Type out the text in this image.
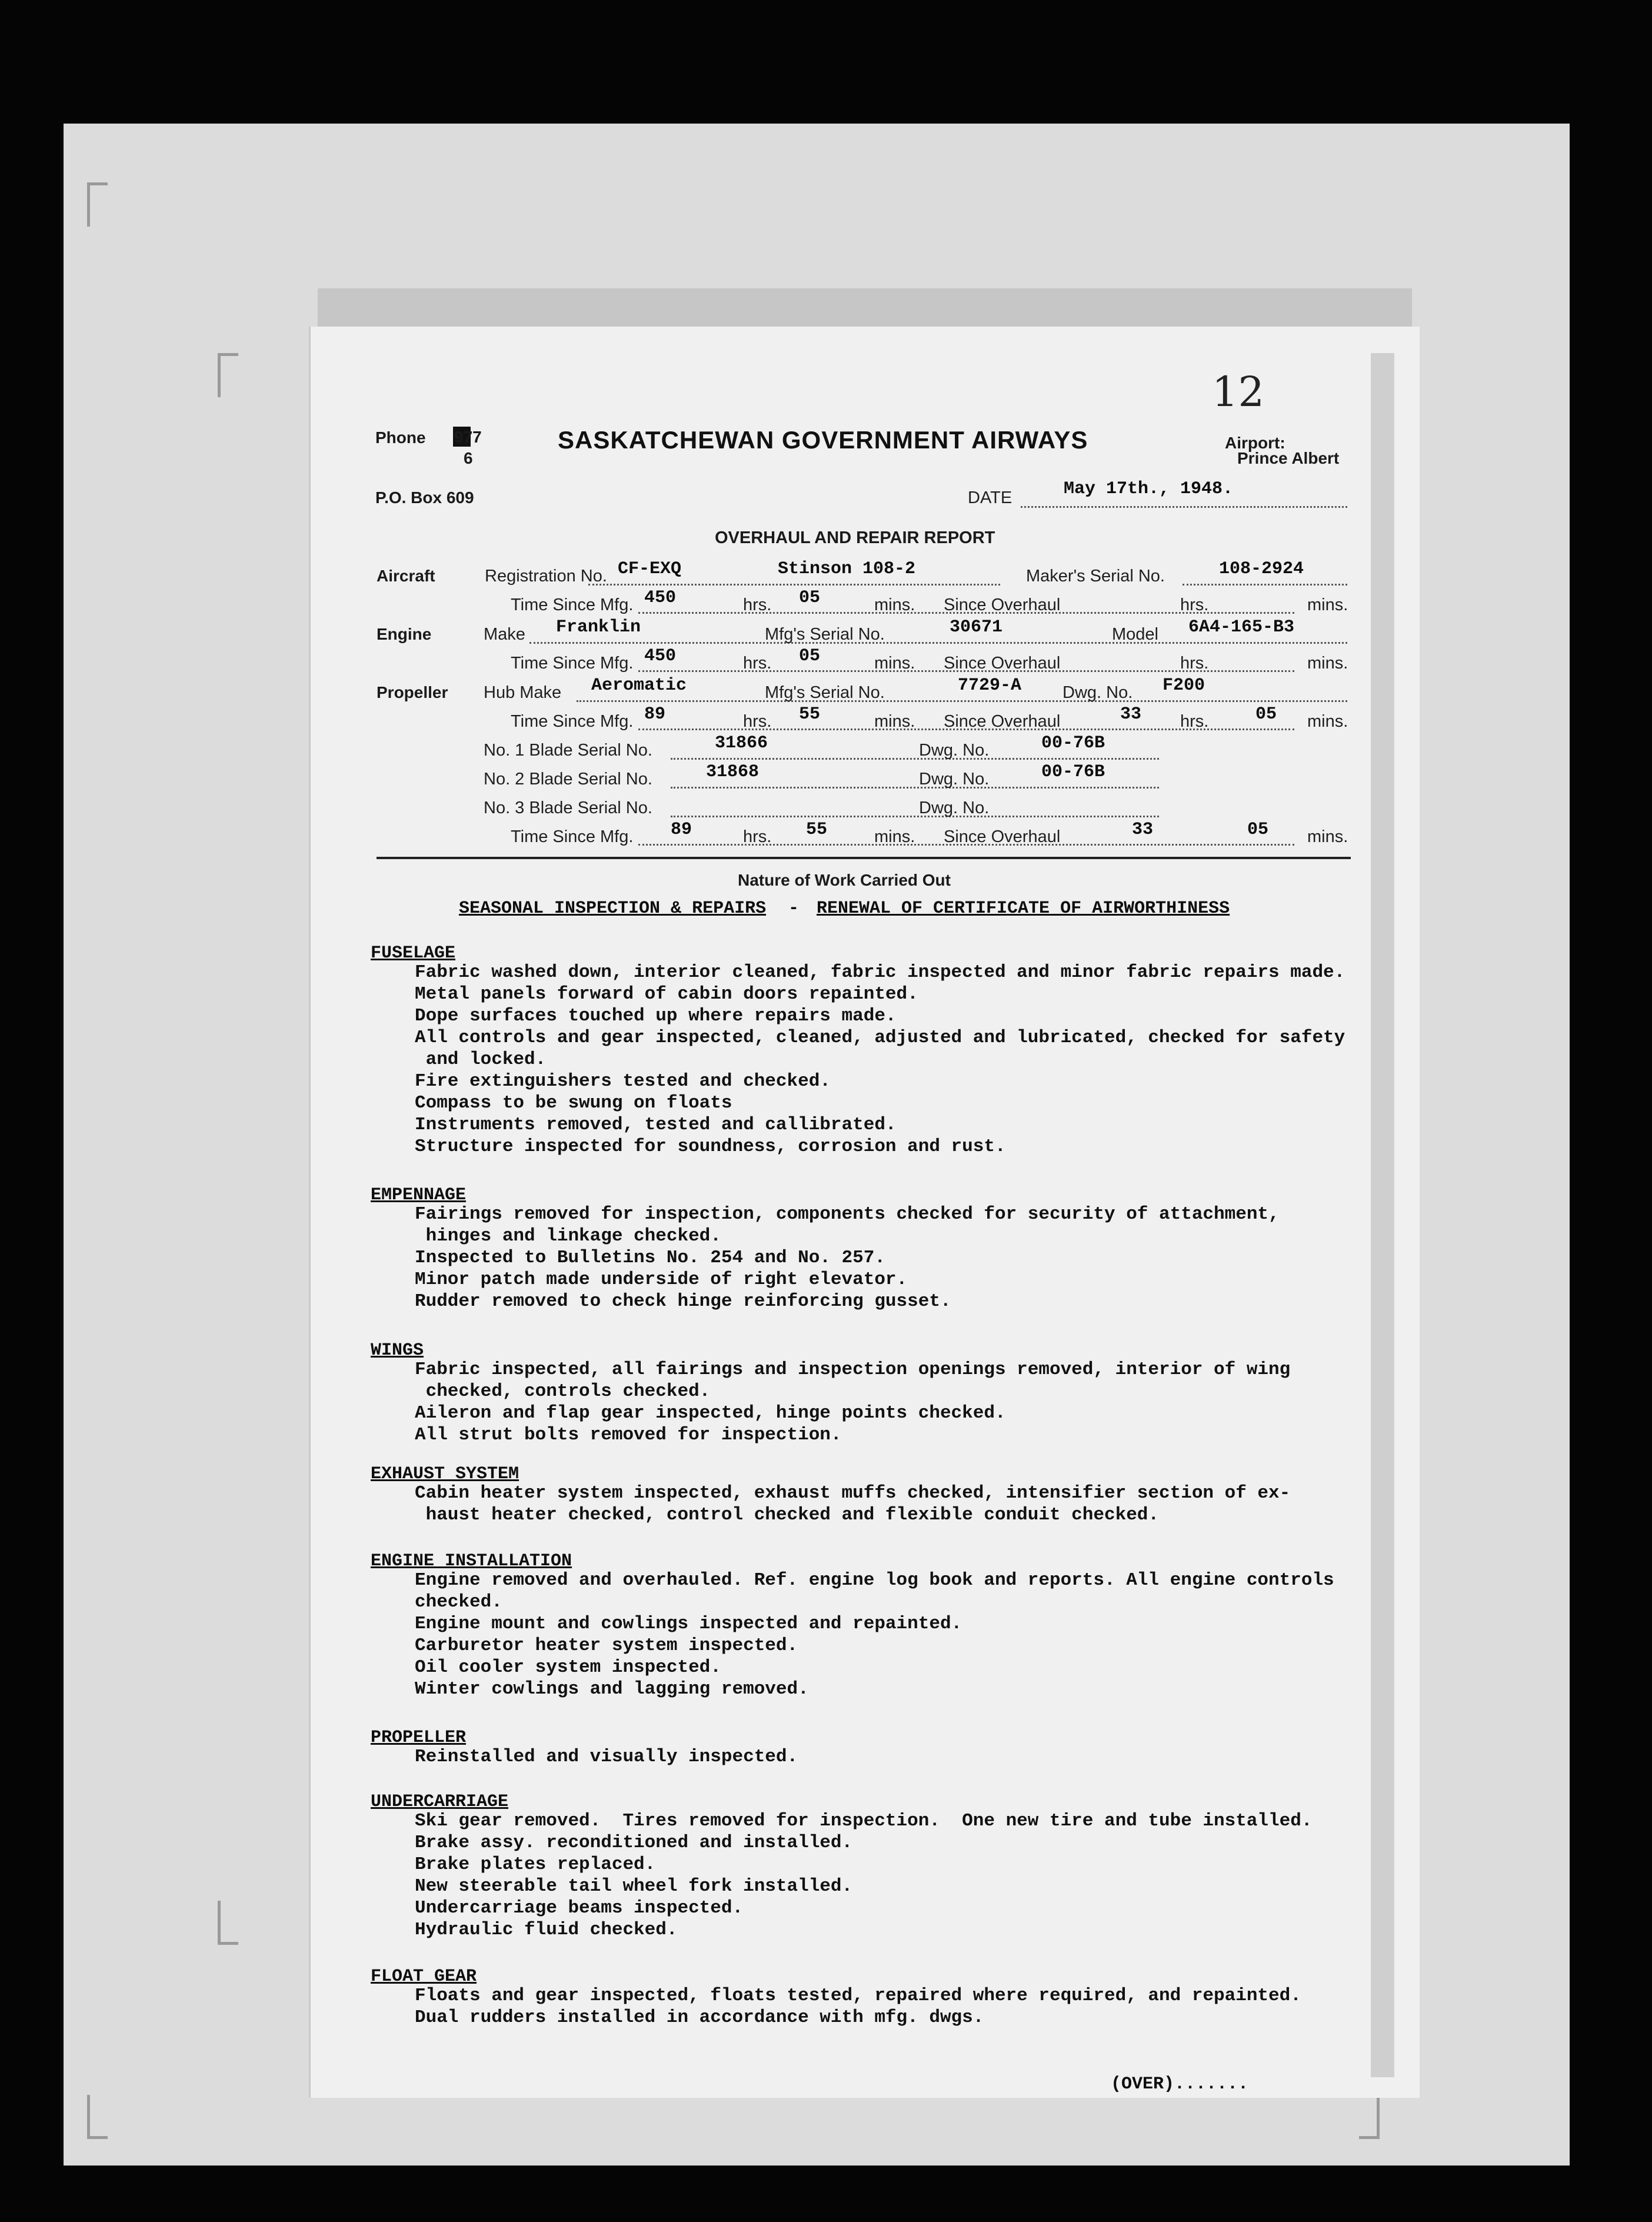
12
Phone 977
6
P.O. Box 609
SASKATCHEWAN GOVERNMENT AIRWAYS	Airport:
Prince Albert
DATE	May 17th., 1948.
OVERHAUL AND REPAIR REPORT
Aircraft	Registration No. CF-EXQ	Stinson 108-2	Maker's Serial No.	108-2924
Time Since Mfg. 450	hrs. 05	mins. Since Overhaul	hrs.	mins.
Engine	Make Franklin	Mfg's Serial No.	30671	Model 6A4-165-B3
Time Since Mfg. 450	hrs. 05	mins. Since Overhaul	hrs.	mins.
Propeller Hub Make Aeromatic	Mfg's Serial No.	7729-A Dwg. No. F200
Time Since Mfg. 89	hrs. 55	mins. Since Overhaul	33 hrs.	05 mins.
No. 1 Blade Serial No.	31866	Dwg. No.	00-76B
No. 2 Blade Serial No.	31868	Dwg. No.	00-76B
No. 3 Blade Serial No.	Dwg. No.
Time Since Mfg. 89	hrs. 55	mins. Since Overhaul	33	05 mins.
Nature of Work Carried Out
SEASONAL INSPECTION & REPAIRS - RENEWAL OF CERTIFICATE OF AIRWORTHINESS
FUSELAGE
Fabric washed down, interior cleaned, fabric inspected and minor fabric repairs made.
Metal panels forward of cabin doors repainted.
Dope surfaces touched up where repairs made.
All controls and gear inspected, cleaned, adjusted and lubricated, checked for safety
and locked.
Fire extinguishers tested and checked.
Compass to be swung on floats
Instruments removed, tested and callibrated.
Structure inspected for soundness, corrosion and rust.
EMPENNAGE
Fairings removed for inspection, components checked for security of attachment,
hinges and linkage checked.
Inspected to Bulletins No. 254 and No. 257.
Minor patch made underside of right elevator.
Rudder removed to check hinge reinforcing gusset.
WINGS
Fabric inspected, all fairings and inspection openings removed, interior of wing
checked, controls checked.
Aileron and flap gear inspected, hinge points checked.
All strut bolts removed for inspection.
EXHAUST SYSTEM
Cabin heater system inspected, exhaust muffs checked, intensifier section of ex-
haust heater checked, control checked and flexible conduit checked.
ENGINE INSTALLATION
Engine removed and overhauled. Ref. engine log book and reports. All engine controls
checked.
Engine mount and cowlings inspected and repainted.
Carburetor heater system inspected.
Oil cooler system inspected.
Winter cowlings and lagging removed.
PROPELLER
Reinstalled and visually inspected.
UNDERCARRIAGE
Ski gear removed.  Tires removed for inspection.  One new tire and tube installed.
Brake assy. reconditioned and installed.
Brake plates replaced.
New steerable tail wheel fork installed.
Undercarriage beams inspected.
Hydraulic fluid checked.
FLOAT GEAR
Floats and gear inspected, floats tested, repaired where required, and repainted.
Dual rudders installed in accordance with mfg. dwgs.
(OVER).......
